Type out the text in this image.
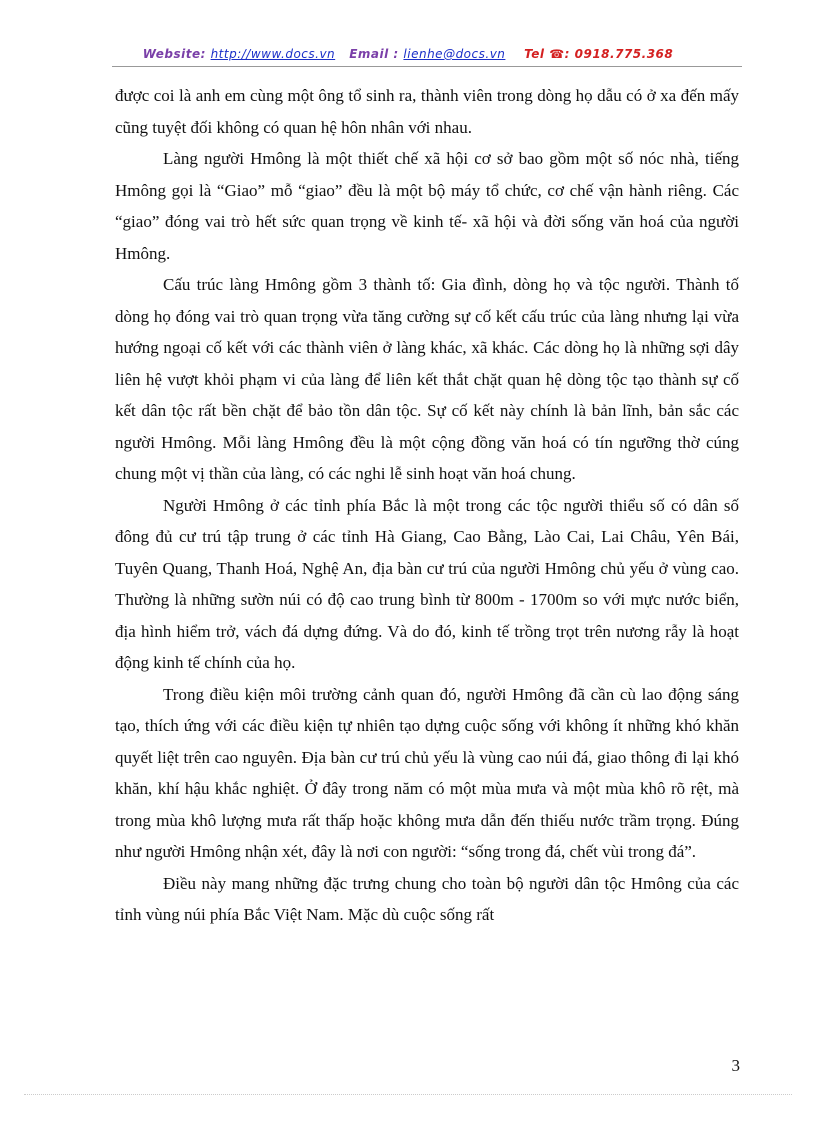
Website: http://www.docs.vn Email : lienhe@docs.vn Tel ☎: 0918.775.368

được coi là anh em cùng một ông tổ sinh ra, thành viên trong dòng họ dẫu có ở xa đến mấy cũng tuyệt đối không có quan hệ hôn nhân với nhau.

Làng người Hmông là một thiết chế xã hội cơ sở bao gồm một số nóc nhà, tiếng Hmông gọi là “Giao” mỗ “giao” đều là một bộ máy tổ chức, cơ chế vận hành riêng. Các “giao” đóng vai trò hết sức quan trọng về kinh tế- xã hội và đời sống văn hoá của người Hmông.

Cấu trúc làng Hmông gồm 3 thành tố: Gia đình, dòng họ và tộc người. Thành tố dòng họ đóng vai trò quan trọng vừa tăng cường sự cố kết cấu trúc của làng nhưng lại vừa hướng ngoại cố kết với các thành viên ở làng khác, xã khác. Các dòng họ là những sợi dây liên hệ vượt khỏi phạm vi của làng để liên kết thắt chặt quan hệ dòng tộc tạo thành sự cố kết dân tộc rất bền chặt để bảo tồn dân tộc. Sự cố kết này chính là bản lĩnh, bản sắc các người Hmông. Mỗi làng Hmông đều là một cộng đồng văn hoá có tín ngưỡng thờ cúng chung một vị thần của làng, có các nghi lễ sinh hoạt văn hoá chung.

Người Hmông ở các tỉnh phía Bắc là một trong các tộc người thiểu số có dân số đông đủ cư trú tập trung ở các tỉnh Hà Giang, Cao Bằng, Lào Cai, Lai Châu, Yên Bái, Tuyên Quang, Thanh Hoá, Nghệ An, địa bàn cư trú của người Hmông chủ yếu ở vùng cao. Thường là những sườn núi có độ cao trung bình từ 800m - 1700m so với mực nước biển, địa hình hiểm trở, vách đá dựng đứng. Và do đó, kinh tế trồng trọt trên nương rẫy là hoạt động kinh tế chính của họ.

Trong điều kiện môi trường cảnh quan đó, người Hmông đã cần cù lao động sáng tạo, thích ứng với các điều kiện tự nhiên tạo dựng cuộc sống với không ít những khó khăn quyết liệt trên cao nguyên. Địa bàn cư trú chủ yếu là vùng cao núi đá, giao thông đi lại khó khăn, khí hậu khắc nghiệt. Ở đây trong năm có một mùa mưa và một mùa khô rõ rệt, mà trong mùa khô lượng mưa rất thấp hoặc không mưa dẫn đến thiếu nước trầm trọng. Đúng như người Hmông nhận xét, đây là nơi con người: “sống trong đá, chết vùi trong đá”.

Điều này mang những đặc trưng chung cho toàn bộ người dân tộc Hmông của các tỉnh vùng núi phía Bắc Việt Nam. Mặc dù cuộc sống rất

3
